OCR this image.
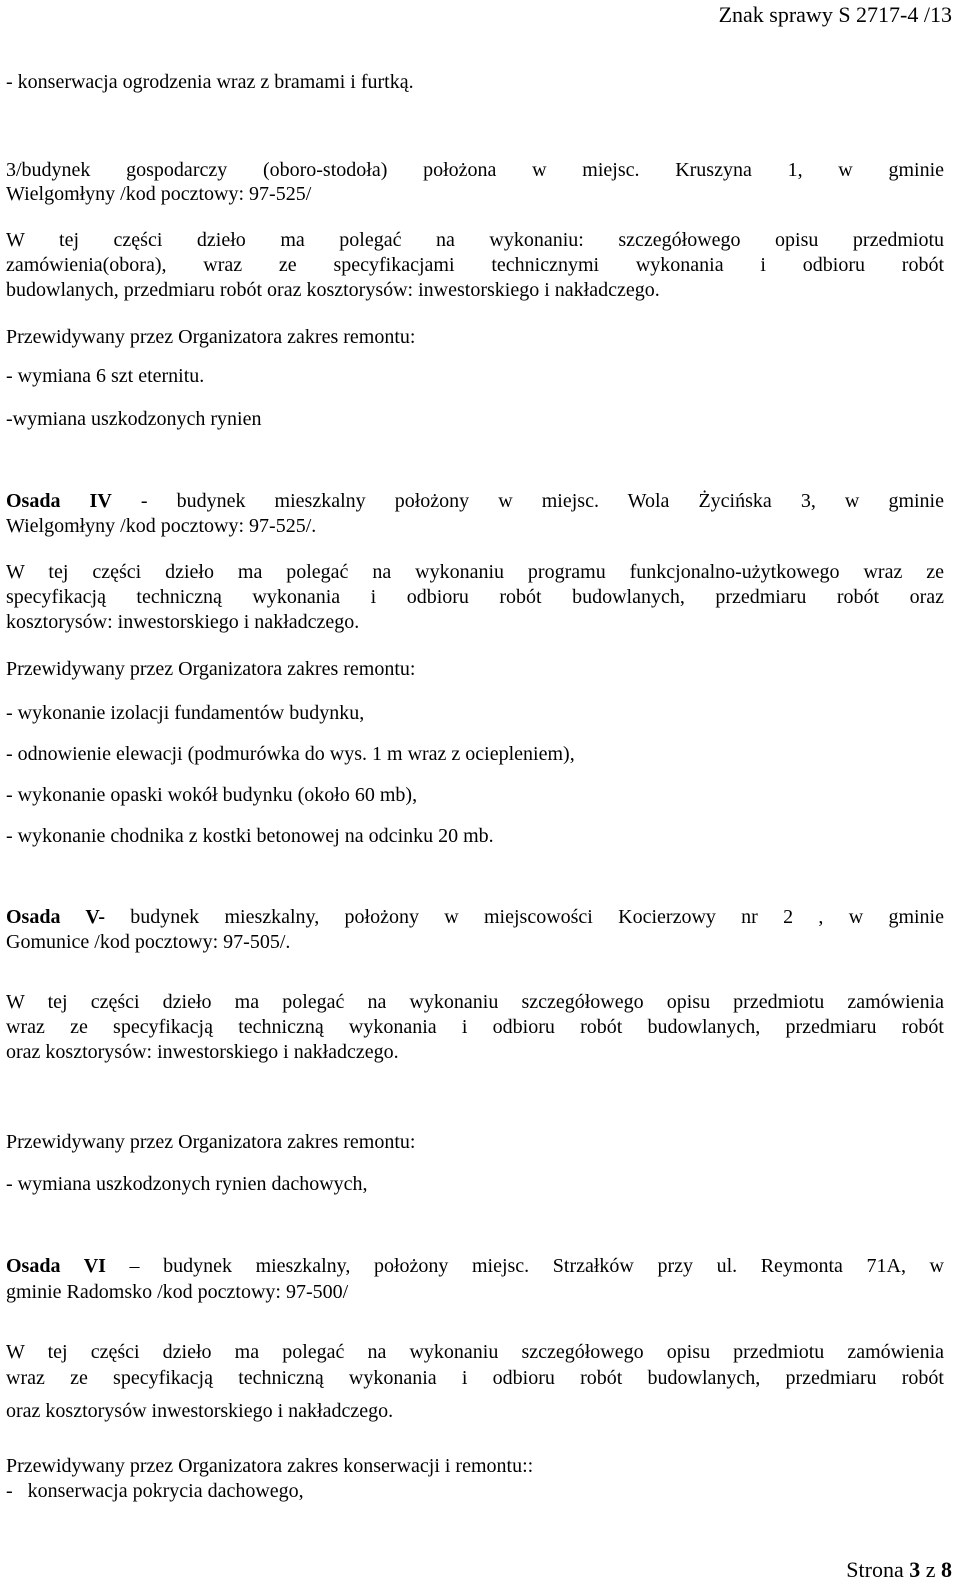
Znak sprawy S 2717-4 /13
- konserwacja ogrodzenia wraz z bramami i furtką.
3/budynek gospodarczy (oboro-stodoła) położona w miejsc. Kruszyna 1, w gminie
Wielgomłyny /kod pocztowy: 97-525/
W tej części dzieło ma polegać na wykonaniu: szczegółowego opisu przedmiotu
zamówienia(obora), wraz ze specyfikacjami technicznymi wykonania i odbioru robót
budowlanych, przedmiaru robót oraz kosztorysów: inwestorskiego i nakładczego.
Przewidywany przez Organizatora zakres remontu:
- wymiana 6 szt eternitu.
-wymiana uszkodzonych rynien
Osada IV - budynek mieszkalny położony w miejsc. Wola Życińska 3, w gminie
Wielgomłyny /kod pocztowy: 97-525/.
W tej części dzieło ma polegać na wykonaniu programu funkcjonalno-użytkowego wraz ze
specyfikacją techniczną wykonania i odbioru robót budowlanych, przedmiaru robót oraz
kosztorysów: inwestorskiego i nakładczego.
Przewidywany przez Organizatora zakres remontu:
- wykonanie izolacji fundamentów budynku,
- odnowienie elewacji (podmurówka do wys. 1 m wraz z ociepleniem),
- wykonanie opaski wokół budynku (około 60 mb),
- wykonanie chodnika z kostki betonowej na odcinku 20 mb.
Osada V- budynek mieszkalny, położony w miejscowości Kocierzowy nr 2 , w gminie
Gomunice /kod pocztowy: 97-505/.
W tej części dzieło ma polegać na wykonaniu szczegółowego opisu przedmiotu zamówienia
wraz ze specyfikacją techniczną wykonania i odbioru robót budowlanych, przedmiaru robót
oraz kosztorysów: inwestorskiego i nakładczego.
Przewidywany przez Organizatora zakres remontu:
- wymiana uszkodzonych rynien dachowych,
Osada VI – budynek mieszkalny, położony miejsc. Strzałków przy ul. Reymonta 71A, w
gminie Radomsko /kod pocztowy: 97-500/
W tej części dzieło ma polegać na wykonaniu szczegółowego opisu przedmiotu zamówienia
wraz ze specyfikacją techniczną wykonania i odbioru robót budowlanych, przedmiaru robót
oraz kosztorysów inwestorskiego i nakładczego.
Przewidywany przez Organizatora zakres konserwacji i remontu::
-   konserwacja pokrycia dachowego,
Strona 3 z 8
